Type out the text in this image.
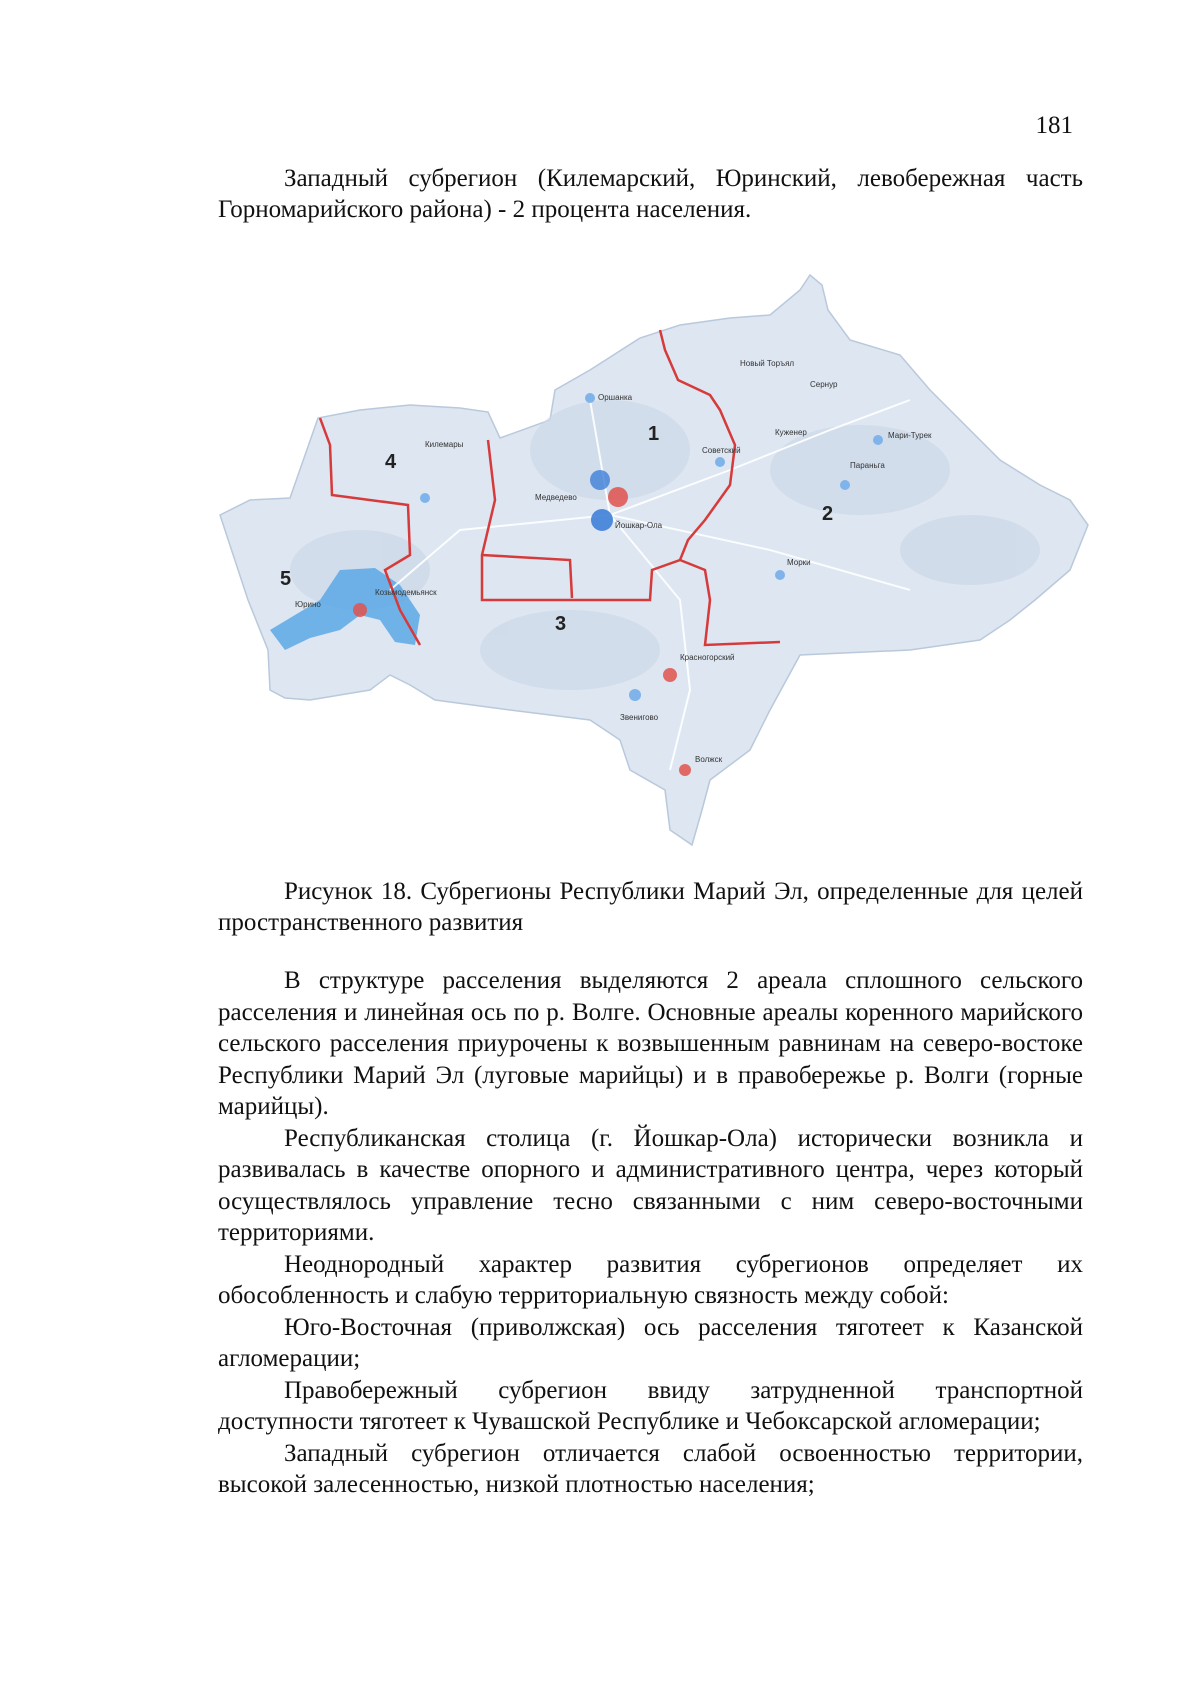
181

Западный субрегион (Килемарский, Юринский, левобережная часть Горномарийского района) - 2 процента населения.

1
2
3
4
5
Новый Торъял
Сернур
Оршанка
Куженер	Мари-Турек
Килемары
Советский
Параньга
Медведево
Йошкар-Ола
Морки
Козьмодемьянск
Юрино
Красногорский
Звенигово
Волжск

Рисунок 18. Субрегионы Республики Марий Эл, определенные для целей пространственного развития

В структуре расселения выделяются 2 ареала сплошного сельского расселения и линейная ось по р. Волге. Основные ареалы коренного марийского сельского расселения приурочены к возвышенным равнинам на северо-востоке Республики Марий Эл (луговые марийцы) и в правобережье р. Волги (горные марийцы).

Республиканская столица (г. Йошкар-Ола) исторически возникла и развивалась в качестве опорного и административного центра, через который осуществлялось управление тесно связанными с ним северо-восточными территориями.

Неоднородный характер развития субрегионов определяет их обособленность и слабую территориальную связность между собой:

Юго-Восточная (приволжская) ось расселения тяготеет к Казанской агломерации;

Правобережный субрегион ввиду затрудненной транспортной доступности тяготеет к Чувашской Республике и Чебоксарской агломерации;

Западный субрегион отличается слабой освоенностью территории, высокой залесенностью, низкой плотностью населения;
